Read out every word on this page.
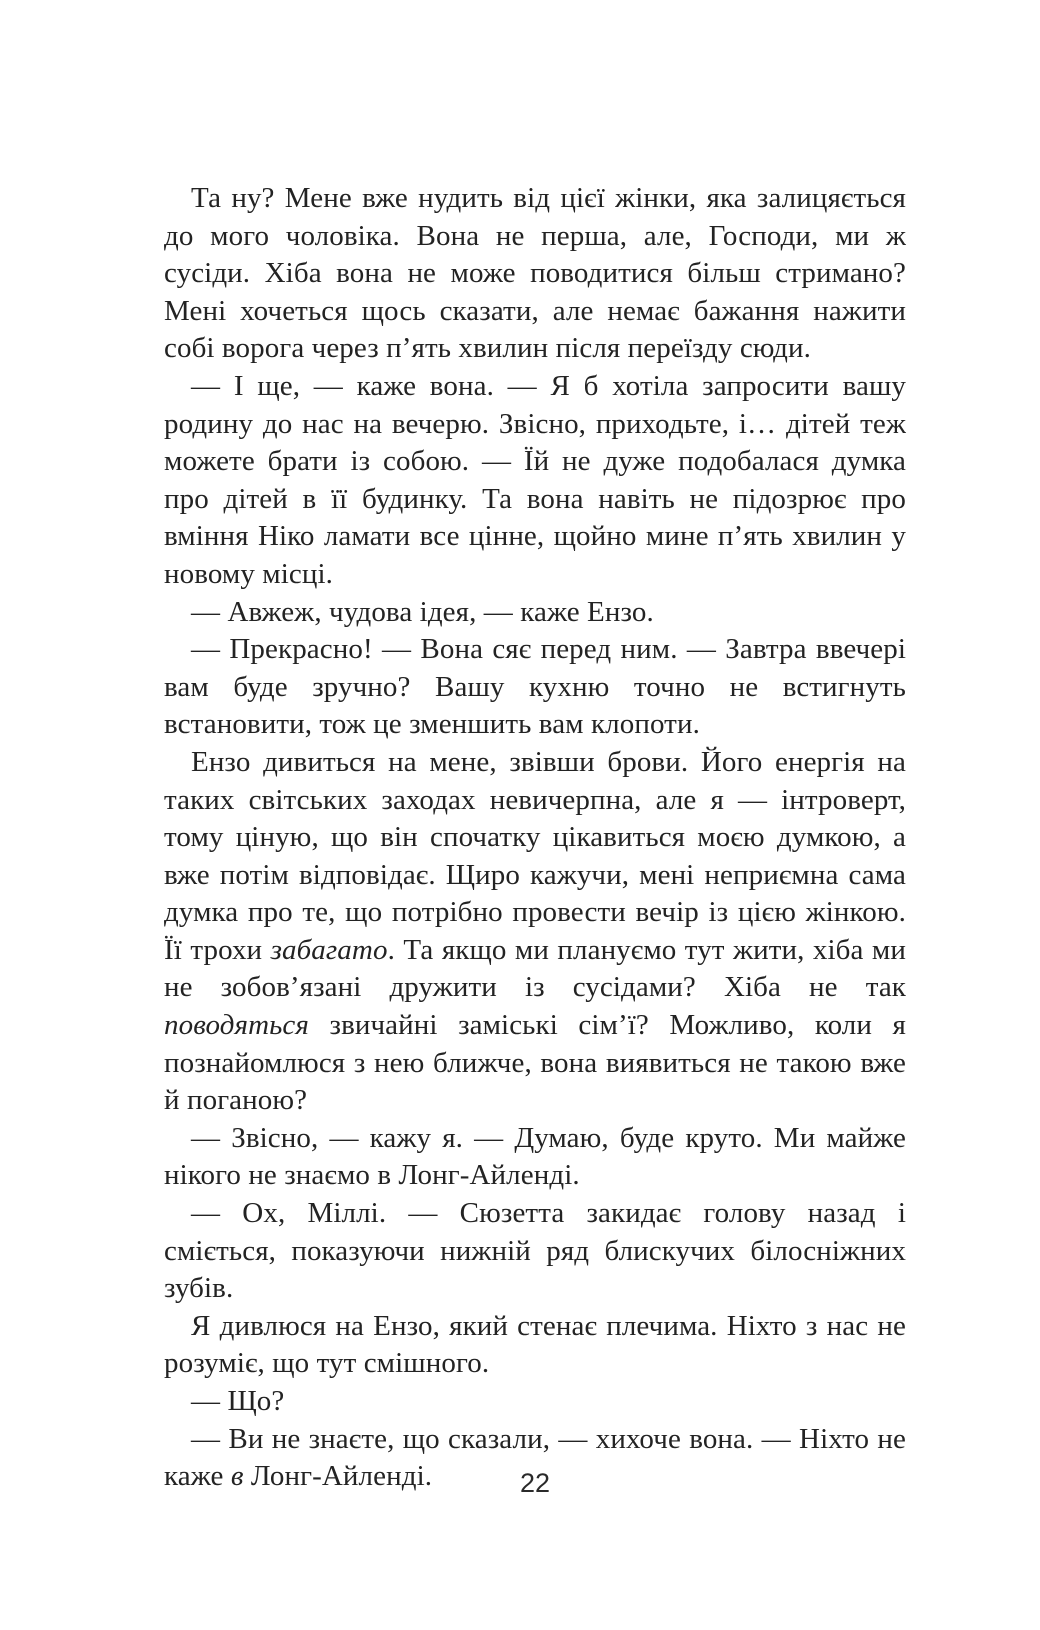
Та ну? Мене вже нудить від цієї жінки, яка залицяється до мого чоловіка. Вона не перша, але, Господи, ми ж сусіди. Хіба вона не може поводитися більш стримано? Мені хочеться щось сказати, але немає бажання нажити собі ворога через п’ять хвилин після переїзду сюди.

— І ще, — каже вона. — Я б хотіла запросити вашу родину до нас на вечерю. Звісно, приходьте, і… дітей теж можете брати із собою. — Їй не дуже подобалася думка про дітей в її будинку. Та вона навіть не підозрює про вміння Ніко ламати все цінне, щойно мине п’ять хвилин у новому місці.

— Авжеж, чудова ідея, — каже Ензо.

— Прекрасно! — Вона сяє перед ним. — Завтра ввечері вам буде зручно? Вашу кухню точно не встигнуть встановити, тож це зменшить вам клопоти.

Ензо дивиться на мене, звівши брови. Його енергія на таких світських заходах невичерпна, але я — інтроверт, тому ціную, що він спочатку цікавиться моєю думкою, а вже потім відповідає. Щиро кажучи, мені неприємна сама думка про те, що потрібно провести вечір із цією жінкою. Її трохи забагато. Та якщо ми плануємо тут жити, хіба ми не зобов’язані дружити із сусідами? Хіба не так поводяться звичайні заміські сім’ї? Можливо, коли я познайомлюся з нею ближче, вона виявиться не такою вже й поганою?

— Звісно, — кажу я. — Думаю, буде круто. Ми майже нікого не знаємо в Лонг-Айленді.

— Ох, Міллі. — Сюзетта закидає голову назад і сміється, показуючи нижній ряд блискучих білосніжних зубів.

Я дивлюся на Ензо, який стенає плечима. Ніхто з нас не розуміє, що тут смішного.

— Що?

— Ви не знаєте, що сказали, — хихоче вона. — Ніхто не каже в Лонг-Айленді.	22
